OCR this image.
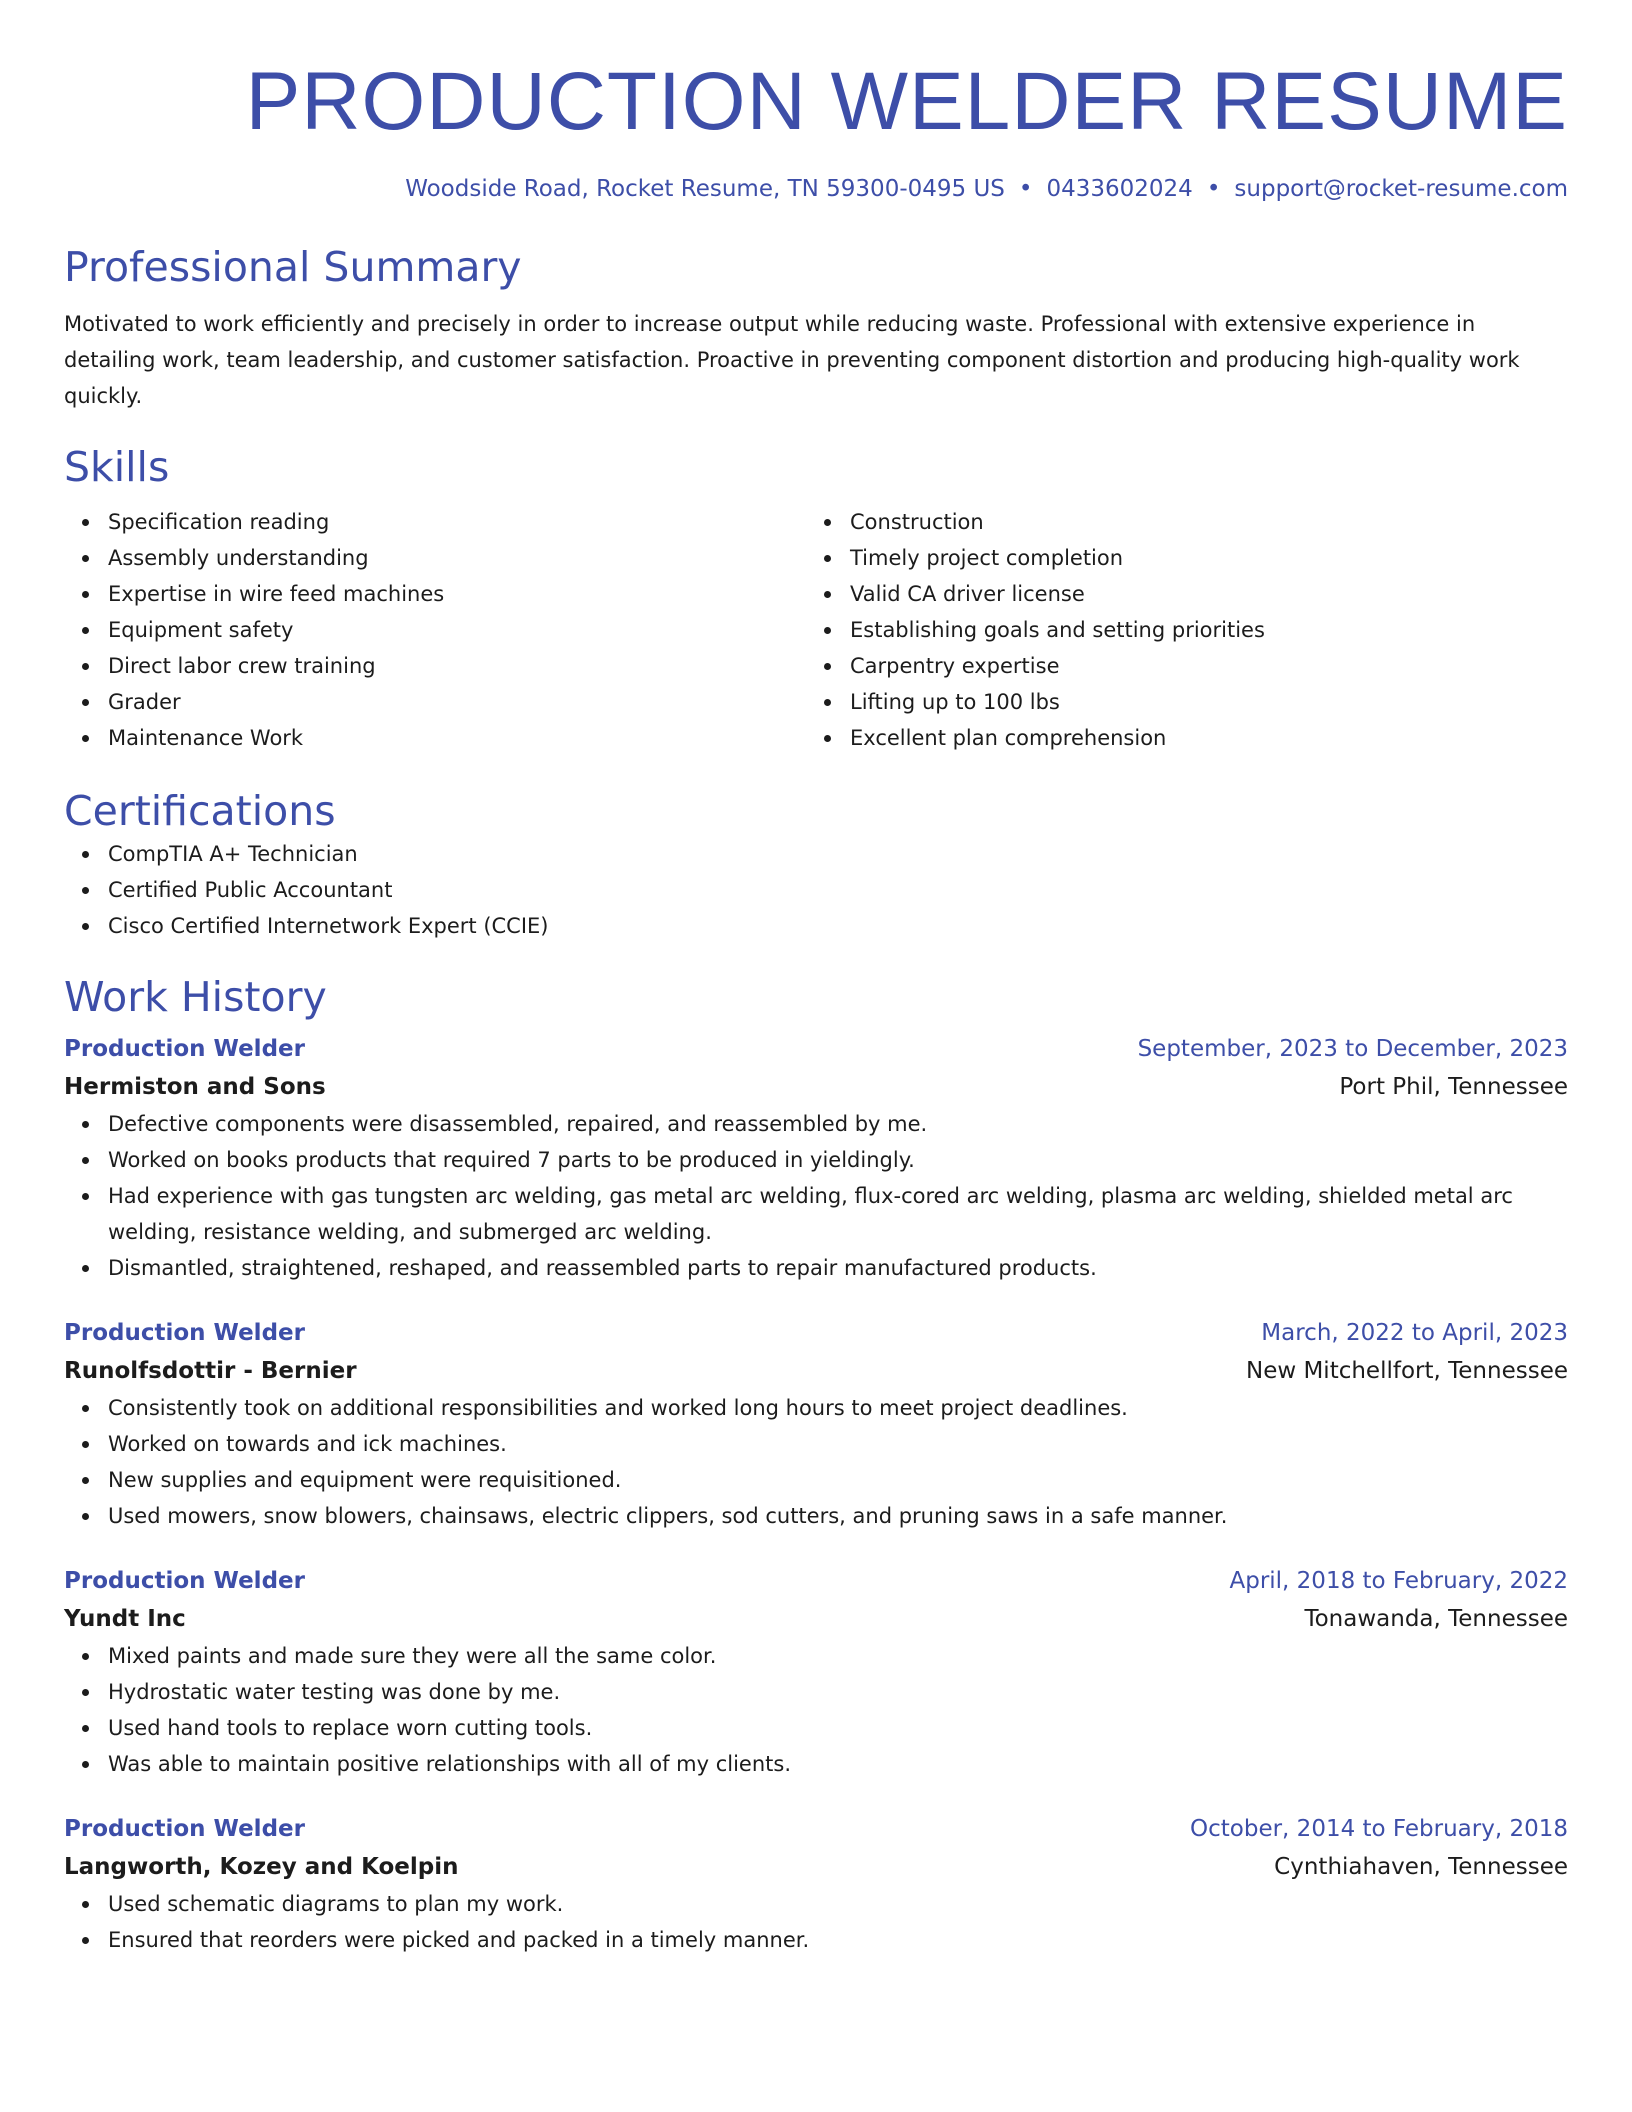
PRODUCTION WELDER RESUME
Woodside Road, Rocket Resume, TN 59300-0495 US • 0433602024 • support@rocket-resume.com
Professional Summary

Motivated to work efficiently and precisely in order to increase output while reducing waste. Professional with extensive experience in detailing work, team leadership, and customer satisfaction. Proactive in preventing component distortion and producing high-quality work quickly.

Skills
Specification reading
Assembly understanding
Expertise in wire feed machines
Equipment safety
Direct labor crew training
Grader
Maintenance Work
Construction
Timely project completion
Valid CA driver license
Establishing goals and setting priorities
Carpentry expertise
Lifting up to 100 lbs
Excellent plan comprehension
Certifications
CompTIA A+ Technician
Certified Public Accountant
Cisco Certified Internetwork Expert (CCIE)
Work History
Production Welder	September, 2023 to December, 2023
Hermiston and Sons	Port Phil, Tennessee
Defective components were disassembled, repaired, and reassembled by me.
Worked on books products that required 7 parts to be produced in yieldingly.
Had experience with gas tungsten arc welding, gas metal arc welding, flux-cored arc welding, plasma arc welding, shielded metal arc welding, resistance welding, and submerged arc welding.
Dismantled, straightened, reshaped, and reassembled parts to repair manufactured products.
Production Welder	March, 2022 to April, 2023
Runolfsdottir - Bernier	New Mitchellfort, Tennessee
Consistently took on additional responsibilities and worked long hours to meet project deadlines.
Worked on towards and ick machines.
New supplies and equipment were requisitioned.
Used mowers, snow blowers, chainsaws, electric clippers, sod cutters, and pruning saws in a safe manner.
Production Welder	April, 2018 to February, 2022
Yundt Inc	Tonawanda, Tennessee
Mixed paints and made sure they were all the same color.
Hydrostatic water testing was done by me.
Used hand tools to replace worn cutting tools.
Was able to maintain positive relationships with all of my clients.
Production Welder	October, 2014 to February, 2018
Langworth, Kozey and Koelpin	Cynthiahaven, Tennessee
Used schematic diagrams to plan my work.
Ensured that reorders were picked and packed in a timely manner.
